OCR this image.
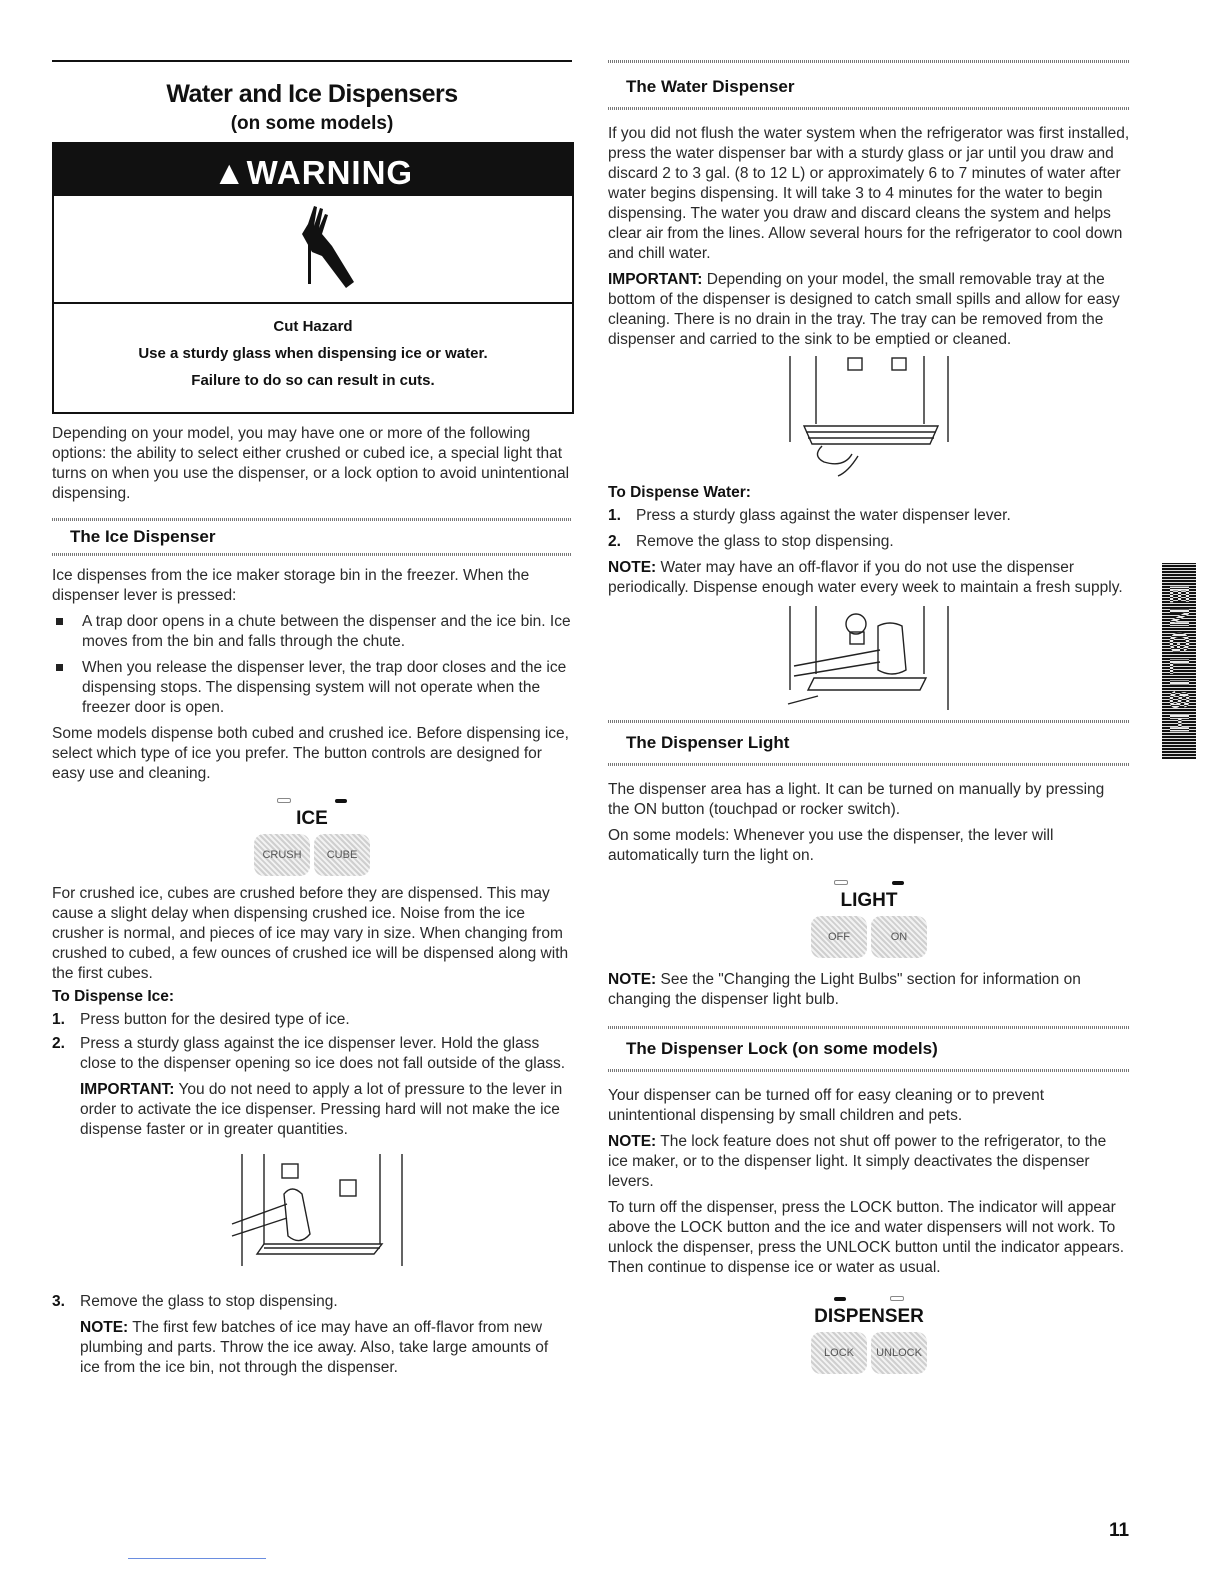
Water and Ice Dispensers
(on some models)
▲WARNING
Cut Hazard
Use a sturdy glass when dispensing ice or water.
Failure to do so can result in cuts.

Depending on your model, you may have one or more of the following options: the ability to select either crushed or cubed ice, a special light that turns on when you use the dispenser, or a lock option to avoid unintentional dispensing.

The Ice Dispenser

Ice dispenses from the ice maker storage bin in the freezer. When the dispenser lever is pressed:

A trap door opens in a chute between the dispenser and the ice bin. Ice moves from the bin and falls through the chute.
When you release the dispenser lever, the trap door closes and the ice dispensing stops. The dispensing system will not operate when the freezer door is open.

Some models dispense both cubed and crushed ice. Before dispensing ice, select which type of ice you prefer. The button controls are designed for easy use and cleaning.

ICE
CRUSH	CUBE

For crushed ice, cubes are crushed before they are dispensed. This may cause a slight delay when dispensing crushed ice. Noise from the ice crusher is normal, and pieces of ice may vary in size. When changing from crushed to cubed, a few ounces of crushed ice will be dispensed along with the first cubes.

To Dispense Ice:
1. Press button for the desired type of ice.
2. Press a sturdy glass against the ice dispenser lever. Hold the glass close to the dispenser opening so ice does not fall outside of the glass.

IMPORTANT: You do not need to apply a lot of pressure to the lever in order to activate the ice dispenser. Pressing hard will not make the ice dispense faster or in greater quantities.

3. Remove the glass to stop dispensing.

NOTE: The first few batches of ice may have an off-flavor from new plumbing and parts. Throw the ice away. Also, take large amounts of ice from the ice bin, not through the dispenser.

The Water Dispenser

If you did not flush the water system when the refrigerator was first installed, press the water dispenser bar with a sturdy glass or jar until you draw and discard 2 to 3 gal. (8 to 12 L) or approximately 6 to 7 minutes of water after water begins dispensing. It will take 3 to 4 minutes for the water to begin dispensing. The water you draw and discard cleans the system and helps clear air from the lines. Allow several hours for the refrigerator to cool down and chill water.

IMPORTANT: Depending on your model, the small removable tray at the bottom of the dispenser is designed to catch small spills and allow for easy cleaning. There is no drain in the tray. The tray can be removed from the dispenser and carried to the sink to be emptied or cleaned.

To Dispense Water:
1. Press a sturdy glass against the water dispenser lever.
2. Remove the glass to stop dispensing.

NOTE: Water may have an off-flavor if you do not use the dispenser periodically. Dispense enough water every week to maintain a fresh supply.

The Dispenser Light

The dispenser area has a light. It can be turned on manually by pressing the ON button (touchpad or rocker switch).

On some models: Whenever you use the dispenser, the lever will automatically turn the light on.

LIGHT
OFF	ON

NOTE: See the "Changing the Light Bulbs" section for information on changing the dispenser light bulb.

The Dispenser Lock (on some models)

Your dispenser can be turned off for easy cleaning or to prevent unintentional dispensing by small children and pets.

NOTE: The lock feature does not shut off power to the refrigerator, to the ice maker, or to the dispenser light. It simply deactivates the dispenser levers.

To turn off the dispenser, press the LOCK button. The indicator will appear above the LOCK button and the ice and water dispensers will not work. To unlock the dispenser, press the UNLOCK button until the indicator appears. Then continue to dispense ice or water as usual.

DISPENSER
LOCK	UNLOCK
ENGLISH
11
